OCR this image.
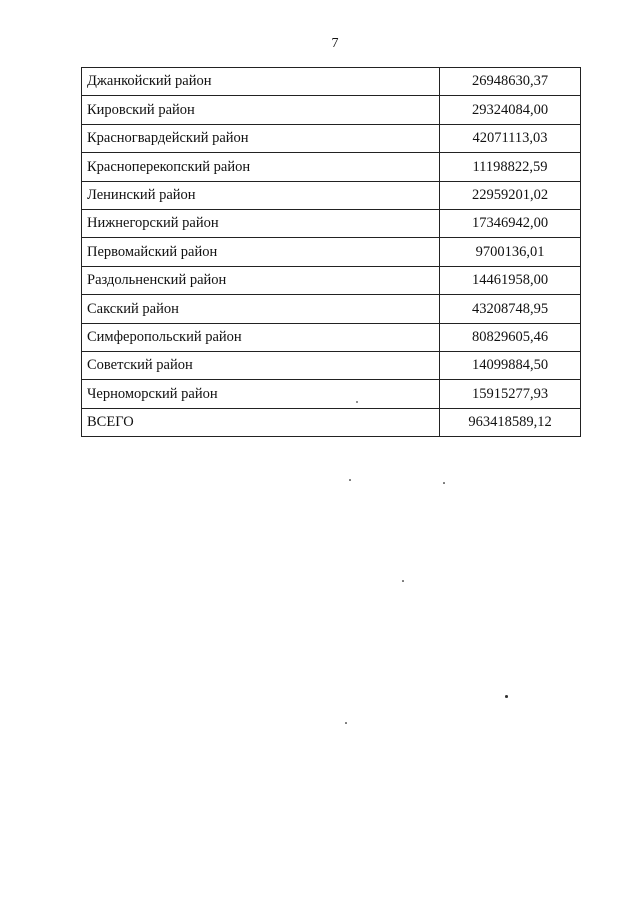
7
Джанкойский район	26948630,37
Кировский район	29324084,00
Красногвардейский район	42071113,03
Красноперекопский район	11198822,59
Ленинский район	22959201,02
Нижнегорский район	17346942,00
Первомайский район	9700136,01
Раздольненский район	14461958,00
Сакский район	43208748,95
Симферопольский район	80829605,46
Советский район	14099884,50
Черноморский район	15915277,93
ВСЕГО	963418589,12
